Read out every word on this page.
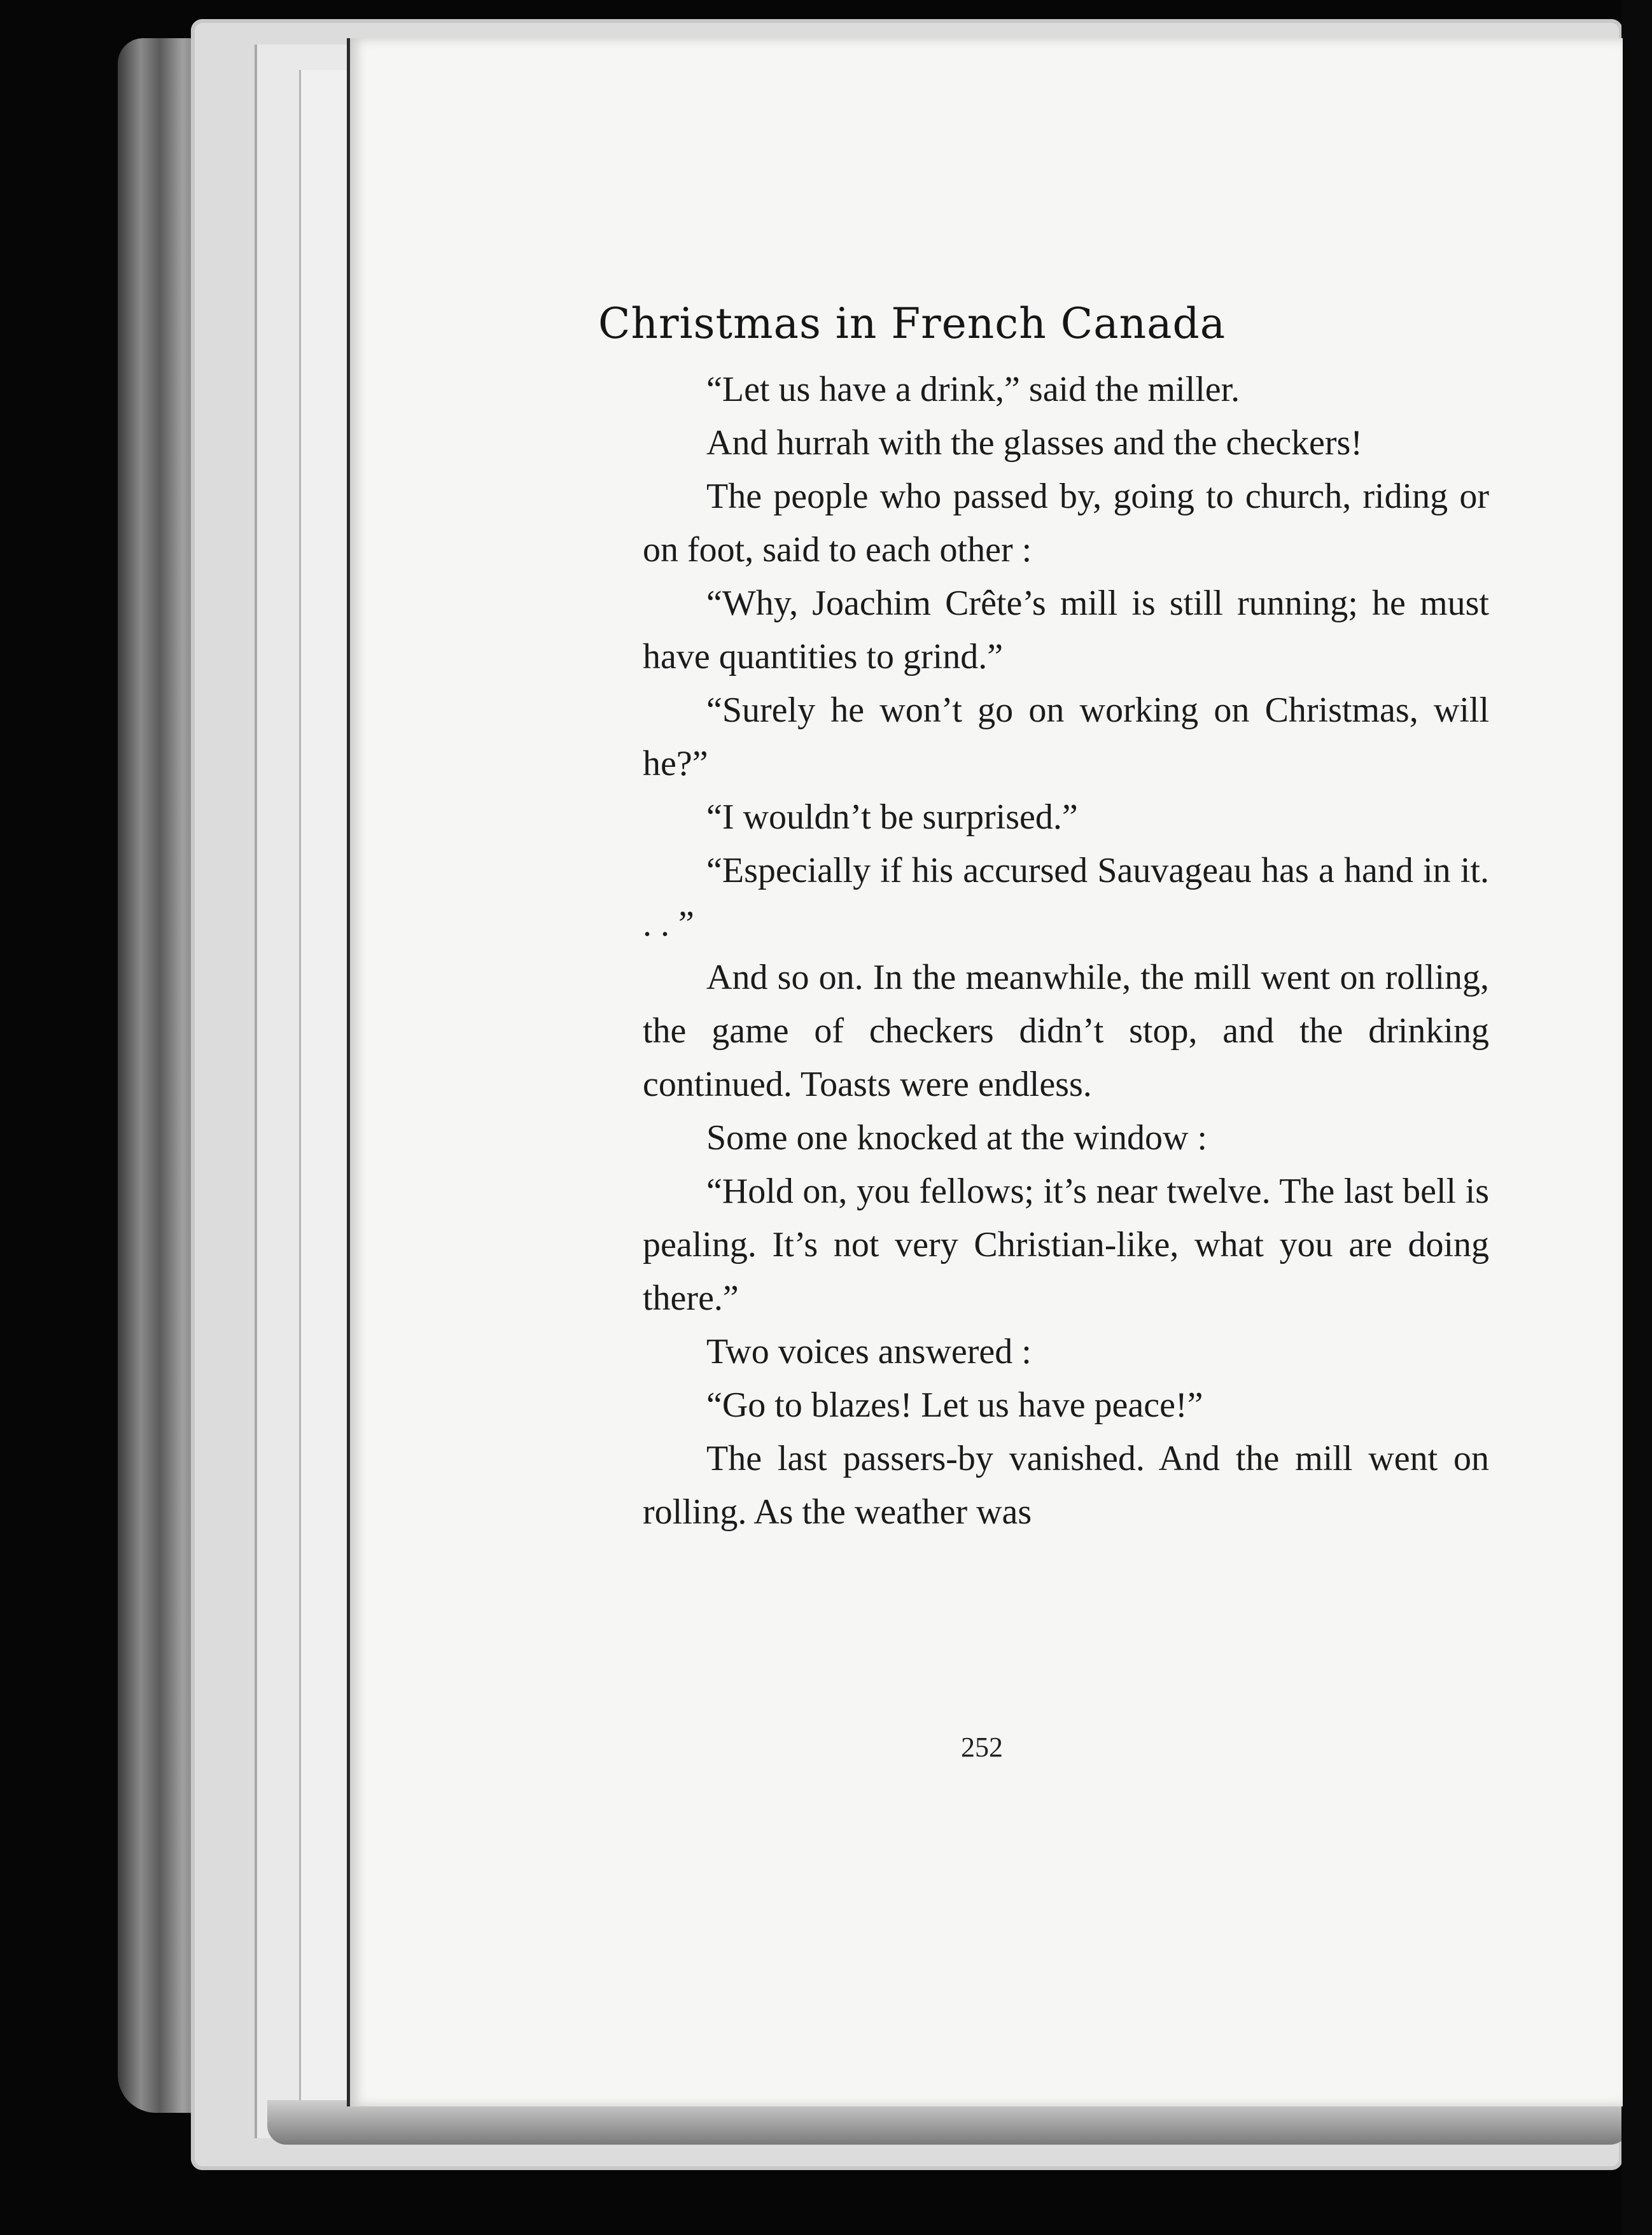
Christmas in French Canada

“Let us have a drink,” said the miller.

And hurrah with the glasses and the checkers!

The people who passed by, going to church, riding or on foot, said to each other :

“Why, Joachim Crête’s mill is still running; he must have quantities to grind.”

“Surely he won’t go on working on Christmas, will he?”

“I wouldn’t be surprised.”

“Especially if his accursed Sauvageau has a hand in it. . . ”

And so on. In the meanwhile, the mill went on rolling, the game of checkers didn’t stop, and the drinking continued. Toasts were endless.

Some one knocked at the window :

“Hold on, you fellows; it’s near twelve. The last bell is pealing. It’s not very Christian-like, what you are doing there.”

Two voices answered :

“Go to blazes! Let us have peace!”

The last passers-by vanished. And the mill went on rolling. As the weather was

252
